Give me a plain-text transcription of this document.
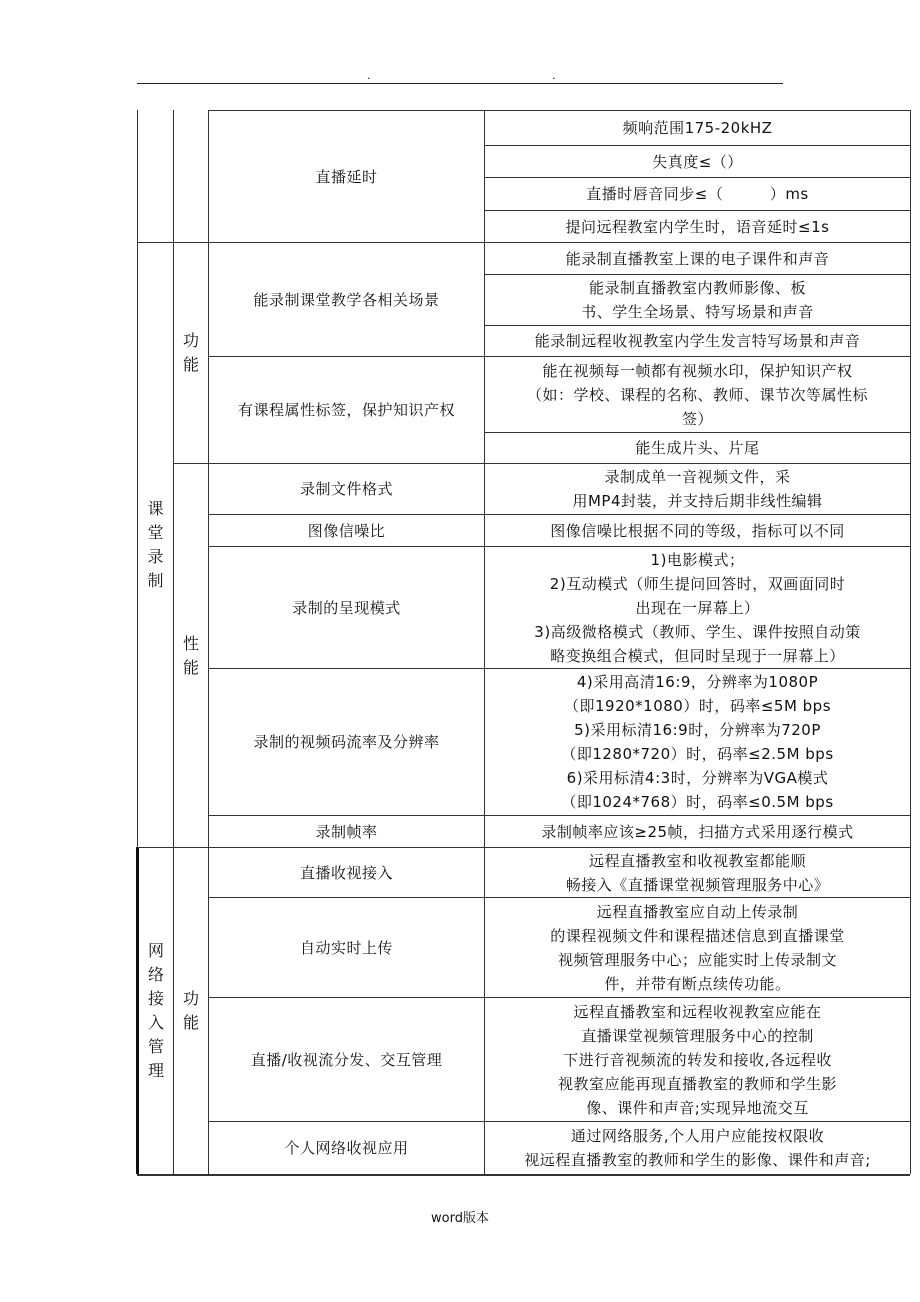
.	.
课
堂
录
制
网
络
接
入
管
理
功
能
性
能
功
能
直播延时
能录制课堂教学各相关场景
有课程属性标签，保护知识产权
录制文件格式
图像信噪比
录制的呈现模式
录制的视频码流率及分辨率
录制帧率
直播收视接入
自动实时上传
直播/收视流分发、交互管理
个人网络收视应用
频响范围175-20kHZ
失真度≤（）
直播时唇音同步≤（　　　）ms
提问远程教室内学生时，语音延时≤1s
能录制直播教室上课的电子课件和声音
能录制直播教室内教师影像、板
书、学生全场景、特写场景和声音
能录制远程收视教室内学生发言特写场景和声音
能在视频每一帧都有视频水印，保护知识产权
（如：学校、课程的名称、教师、课节次等属性标
签）
能生成片头、片尾
录制成单一音视频文件，采
用MP4封装，并支持后期非线性编辑
图像信噪比根据不同的等级，指标可以不同
1)电影模式；
2)互动模式（师生提问回答时，双画面同时
出现在一屏幕上）
3)高级微格模式（教师、学生、课件按照自动策
略变换组合模式，但同时呈现于一屏幕上）
4)采用高清16:9，分辨率为1080P
（即1920*1080）时，码率≤5M bps
5)采用标清16:9时，分辨率为720P
（即1280*720）时，码率≤2.5M bps
6)采用标清4:3时，分辨率为VGA模式
（即1024*768）时，码率≤0.5M bps
录制帧率应该≥25帧，扫描方式采用逐行模式
远程直播教室和收视教室都能顺
畅接入《直播课堂视频管理服务中心》
远程直播教室应自动上传录制
的课程视频文件和课程描述信息到直播课堂
视频管理服务中心；应能实时上传录制文
件，并带有断点续传功能。
远程直播教室和远程收视教室应能在
直播课堂视频管理服务中心的控制
下进行音视频流的转发和接收,各远程收
视教室应能再现直播教室的教师和学生影
像、课件和声音;实现异地流交互
通过网络服务,个人用户应能按权限收
视远程直播教室的教师和学生的影像、课件和声音;
word版本
